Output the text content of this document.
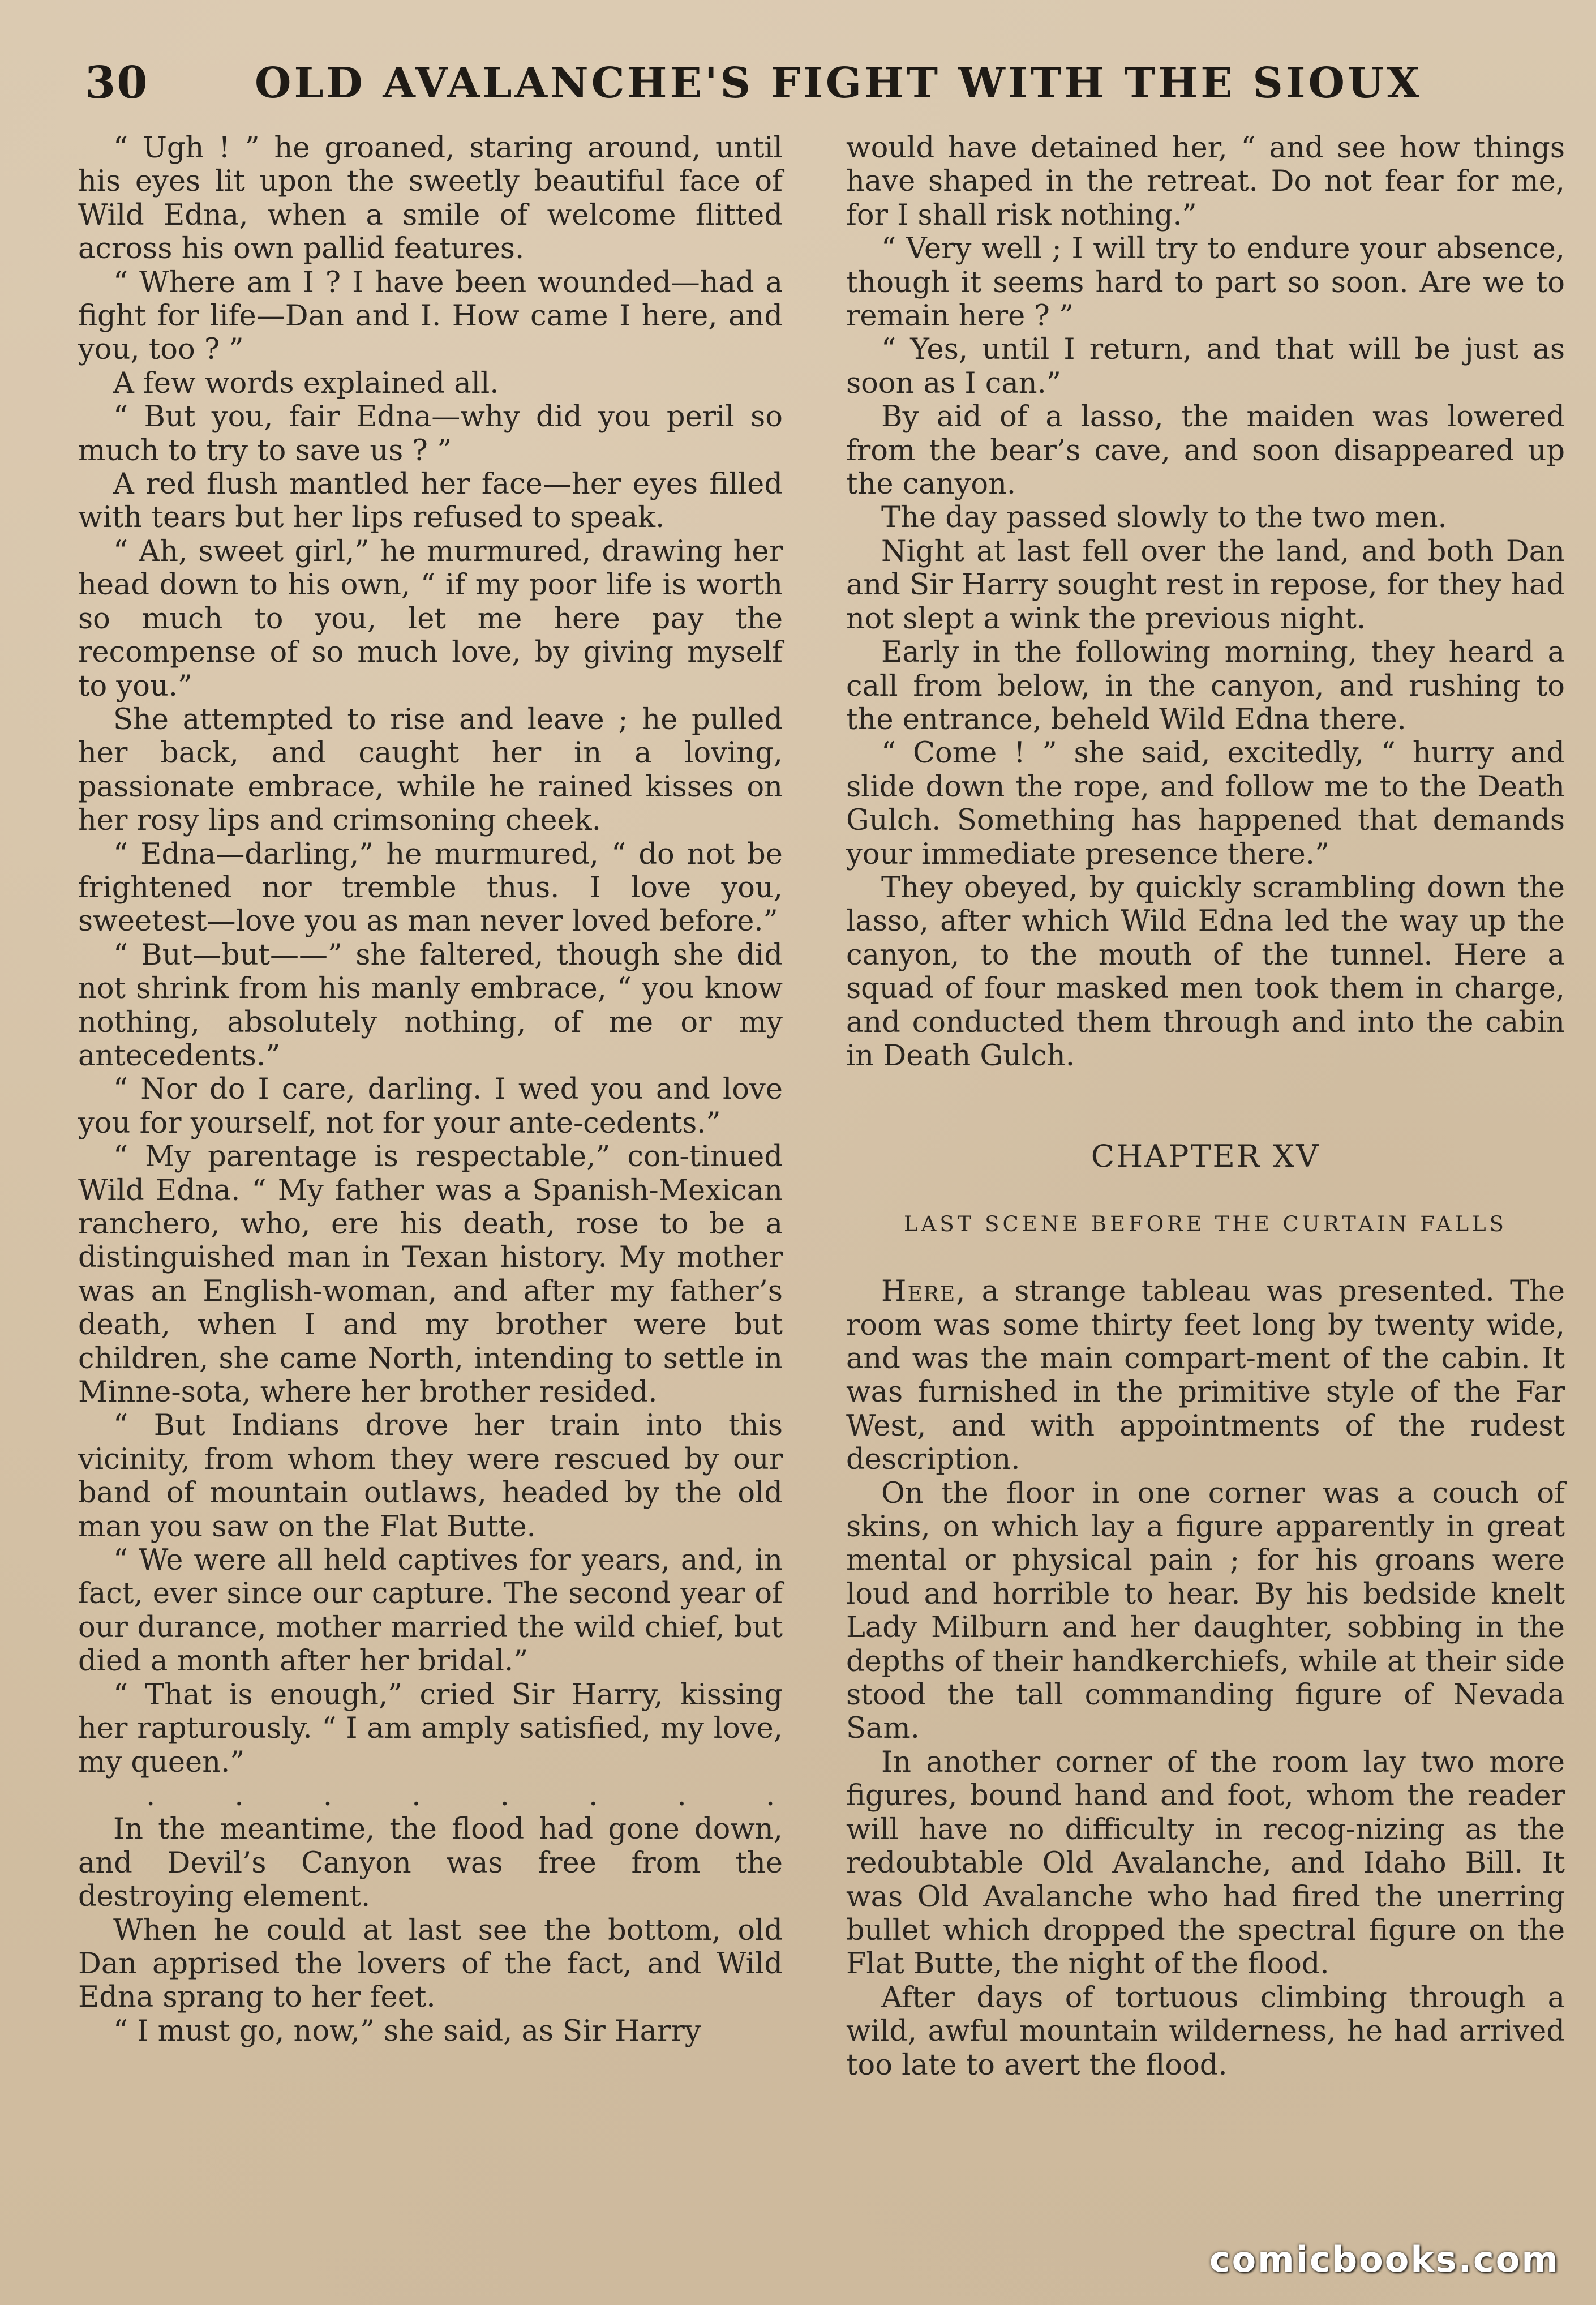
30	OLD AVALANCHE'S FIGHT WITH THE SIOUX

“ Ugh ! ” he groaned, staring around, until his eyes lit upon the sweetly beautiful face of Wild Edna, when a smile of welcome flitted across his own pallid features.

“ Where am I ? I have been wounded—had a fight for life—Dan and I. How came I here, and you, too ? ”

A few words explained all.

“ But you, fair Edna—why did you peril so much to try to save us ? ”

A red flush mantled her face—her eyes filled with tears but her lips refused to speak.

“ Ah, sweet girl,” he murmured, drawing her head down to his own, “ if my poor life is worth so much to you, let me here pay the recompense of so much love, by giving myself to you.”

She attempted to rise and leave ; he pulled her back, and caught her in a loving, passionate embrace, while he rained kisses on her rosy lips and crimsoning cheek.

“ Edna—darling,” he murmured, “ do not be frightened nor tremble thus. I love you, sweetest—love you as man never loved before.”

“ But—but——” she faltered, though she did not shrink from his manly embrace, “ you know nothing, absolutely nothing, of me or my antecedents.”

“ Nor do I care, darling. I wed you and love you for yourself, not for your ante-cedents.”

“ My parentage is respectable,” con-tinued Wild Edna. “ My father was a Spanish-Mexican ranchero, who, ere his death, rose to be a distinguished man in Texan history. My mother was an English-woman, and after my father’s death, when I and my brother were but children, she came North, intending to settle in Minne-sota, where her brother resided.

“ But Indians drove her train into this vicinity, from whom they were rescued by our band of mountain outlaws, headed by the old man you saw on the Flat Butte.

“ We were all held captives for years, and, in fact, ever since our capture. The second year of our durance, mother married the wild chief, but died a month after her bridal.”

“ That is enough,” cried Sir Harry, kissing her rapturously. “ I am amply satisfied, my love, my queen.”

. . . . . . . .

In the meantime, the flood had gone down, and Devil’s Canyon was free from the destroying element.

When he could at last see the bottom, old Dan apprised the lovers of the fact, and Wild Edna sprang to her feet.

“ I must go, now,” she said, as Sir Harry

would have detained her, “ and see how things have shaped in the retreat. Do not fear for me, for I shall risk nothing.”

“ Very well ; I will try to endure your absence, though it seems hard to part so soon. Are we to remain here ? ”

“ Yes, until I return, and that will be just as soon as I can.”

By aid of a lasso, the maiden was lowered from the bear’s cave, and soon disappeared up the canyon.

The day passed slowly to the two men.

Night at last fell over the land, and both Dan and Sir Harry sought rest in repose, for they had not slept a wink the previous night.

Early in the following morning, they heard a call from below, in the canyon, and rushing to the entrance, beheld Wild Edna there.

“ Come ! ” she said, excitedly, “ hurry and slide down the rope, and follow me to the Death Gulch. Something has happened that demands your immediate presence there.”

They obeyed, by quickly scrambling down the lasso, after which Wild Edna led the way up the canyon, to the mouth of the tunnel. Here a squad of four masked men took them in charge, and conducted them through and into the cabin in Death Gulch.

CHAPTER XV
LAST SCENE BEFORE THE CURTAIN FALLS

Here, a strange tableau was presented. The room was some thirty feet long by twenty wide, and was the main compart-ment of the cabin. It was furnished in the primitive style of the Far West, and with appointments of the rudest description.

On the floor in one corner was a couch of skins, on which lay a figure apparently in great mental or physical pain ; for his groans were loud and horrible to hear. By his bedside knelt Lady Milburn and her daughter, sobbing in the depths of their handkerchiefs, while at their side stood the tall commanding figure of Nevada Sam.

In another corner of the room lay two more figures, bound hand and foot, whom the reader will have no difficulty in recog-nizing as the redoubtable Old Avalanche, and Idaho Bill. It was Old Avalanche who had fired the unerring bullet which dropped the spectral figure on the Flat Butte, the night of the flood.

After days of tortuous climbing through a wild, awful mountain wilderness, he had arrived too late to avert the flood.

comicbooks.com
